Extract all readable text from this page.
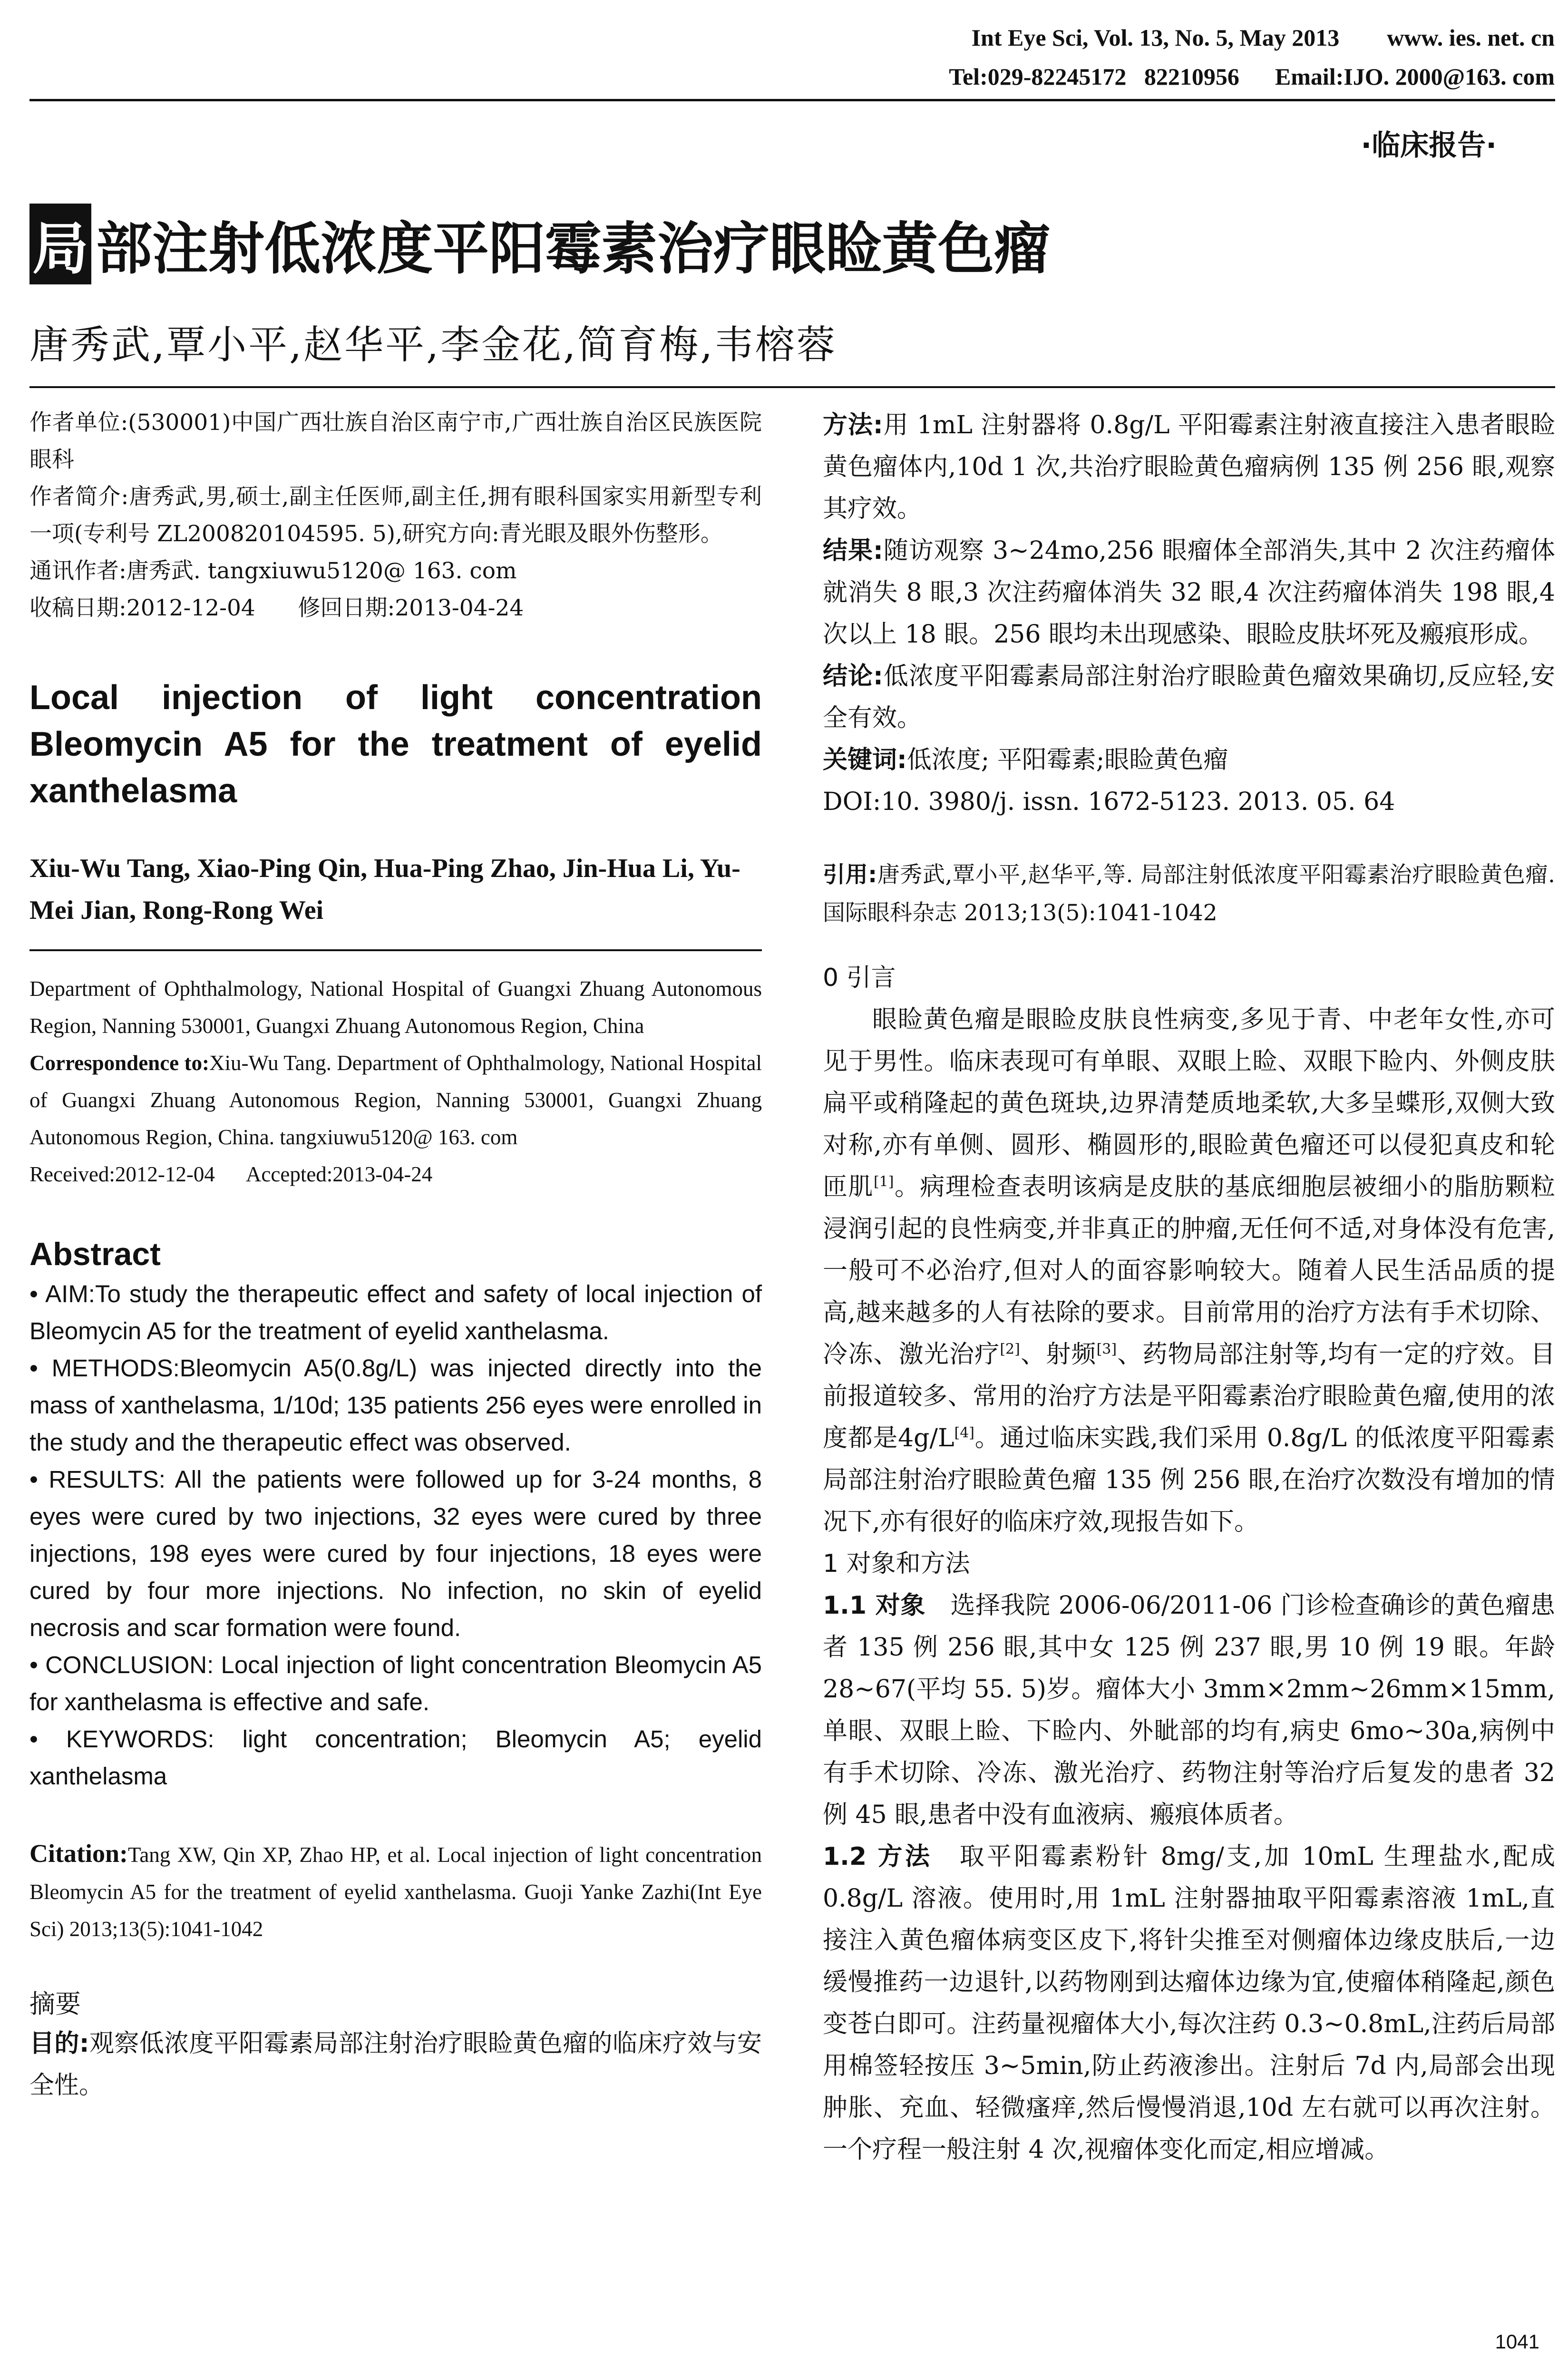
Int Eye Sci, Vol. 13, No. 5, May 2013        www. ies. net. cn
Tel:029-82245172   82210956      Email:IJO. 2000@163. com
·临床报告·
局 部注射低浓度平阳霉素治疗眼睑黄色瘤
唐秀武,覃小平,赵华平,李金花,简育梅,韦榕蓉

作者单位:(530001)中国广西壮族自治区南宁市,广西壮族自治区民族医院眼科

作者简介:唐秀武,男,硕士,副主任医师,副主任,拥有眼科国家实用新型专利一项(专利号 ZL200820104595. 5),研究方向:青光眼及眼外伤整形。

通讯作者:唐秀武. tangxiuwu5120@ 163. com

收稿日期:2012-12-04      修回日期:2013-04-24

Local injection of light concentration Bleomycin A5 for the treatment of eyelid xanthelasma

Xiu-Wu Tang, Xiao-Ping Qin, Hua-Ping Zhao, Jin-Hua Li, Yu-Mei Jian, Rong-Rong Wei

Department of Ophthalmology, National Hospital of Guangxi Zhuang Autonomous Region, Nanning 530001, Guangxi Zhuang Autonomous Region, China

Correspondence to:Xiu-Wu Tang. Department of Ophthalmology, National Hospital of Guangxi Zhuang Autonomous Region, Nanning 530001, Guangxi Zhuang Autonomous Region, China. tangxiuwu5120@ 163. com

Received:2012-12-04      Accepted:2013-04-24

Abstract

• AIM:To study the therapeutic effect and safety of local injection of Bleomycin A5 for the treatment of eyelid xanthelasma.

• METHODS:Bleomycin A5(0.8g/L) was injected directly into the mass of xanthelasma, 1/10d; 135 patients 256 eyes were enrolled in the study and the therapeutic effect was observed.

• RESULTS: All the patients were followed up for 3-24 months, 8 eyes were cured by two injections, 32 eyes were cured by three injections, 198 eyes were cured by four injections, 18 eyes were cured by four more injections. No infection, no skin of eyelid necrosis and scar formation were found.

• CONCLUSION: Local injection of light concentration Bleomycin A5 for xanthelasma is effective and safe.

• KEYWORDS: light concentration; Bleomycin A5; eyelid xanthelasma

Citation:Tang XW, Qin XP, Zhao HP, et al. Local injection of light concentration Bleomycin A5 for the treatment of eyelid xanthelasma. Guoji Yanke Zazhi(Int Eye Sci) 2013;13(5):1041-1042

摘要

目的:观察低浓度平阳霉素局部注射治疗眼睑黄色瘤的临床疗效与安全性。

方法:用 1mL 注射器将 0.8g/L 平阳霉素注射液直接注入患者眼睑黄色瘤体内,10d 1 次,共治疗眼睑黄色瘤病例 135 例 256 眼,观察其疗效。

结果:随访观察 3~24mo,256 眼瘤体全部消失,其中 2 次注药瘤体就消失 8 眼,3 次注药瘤体消失 32 眼,4 次注药瘤体消失 198 眼,4 次以上 18 眼。256 眼均未出现感染、眼睑皮肤坏死及瘢痕形成。

结论:低浓度平阳霉素局部注射治疗眼睑黄色瘤效果确切,反应轻,安全有效。

关键词:低浓度; 平阳霉素;眼睑黄色瘤

DOI:10. 3980/j. issn. 1672-5123. 2013. 05. 64

引用:唐秀武,覃小平,赵华平,等. 局部注射低浓度平阳霉素治疗眼睑黄色瘤. 国际眼科杂志 2013;13(5):1041-1042

0 引言

眼睑黄色瘤是眼睑皮肤良性病变,多见于青、中老年女性,亦可见于男性。临床表现可有单眼、双眼上睑、双眼下睑内、外侧皮肤扁平或稍隆起的黄色斑块,边界清楚质地柔软,大多呈蝶形,双侧大致对称,亦有单侧、圆形、椭圆形的,眼睑黄色瘤还可以侵犯真皮和轮匝肌[1]。病理检查表明该病是皮肤的基底细胞层被细小的脂肪颗粒浸润引起的良性病变,并非真正的肿瘤,无任何不适,对身体没有危害,一般可不必治疗,但对人的面容影响较大。随着人民生活品质的提高,越来越多的人有祛除的要求。目前常用的治疗方法有手术切除、冷冻、激光治疗[2]、射频[3]、药物局部注射等,均有一定的疗效。目前报道较多、常用的治疗方法是平阳霉素治疗眼睑黄色瘤,使用的浓度都是4g/L[4]。通过临床实践,我们采用 0.8g/L 的低浓度平阳霉素局部注射治疗眼睑黄色瘤 135 例 256 眼,在治疗次数没有增加的情况下,亦有很好的临床疗效,现报告如下。

1 对象和方法

1.1 对象　 选择我院 2006-06/2011-06 门诊检查确诊的黄色瘤患者 135 例 256 眼,其中女 125 例 237 眼,男 10 例 19 眼。年龄 28~67(平均 55. 5)岁。瘤体大小 3mm×2mm~26mm×15mm,单眼、双眼上睑、下睑内、外眦部的均有,病史 6mo~30a,病例中有手术切除、冷冻、激光治疗、药物注射等治疗后复发的患者 32 例 45 眼,患者中没有血液病、瘢痕体质者。

1.2 方法　 取平阳霉素粉针 8mg/支,加 10mL 生理盐水,配成 0.8g/L 溶液。使用时,用 1mL 注射器抽取平阳霉素溶液 1mL,直接注入黄色瘤体病变区皮下,将针尖推至对侧瘤体边缘皮肤后,一边缓慢推药一边退针,以药物刚到达瘤体边缘为宜,使瘤体稍隆起,颜色变苍白即可。注药量视瘤体大小,每次注药 0.3~0.8mL,注药后局部用棉签轻按压 3~5min,防止药液渗出。注射后 7d 内,局部会出现肿胀、充血、轻微瘙痒,然后慢慢消退,10d 左右就可以再次注射。一个疗程一般注射 4 次,视瘤体变化而定,相应增减。

1041
